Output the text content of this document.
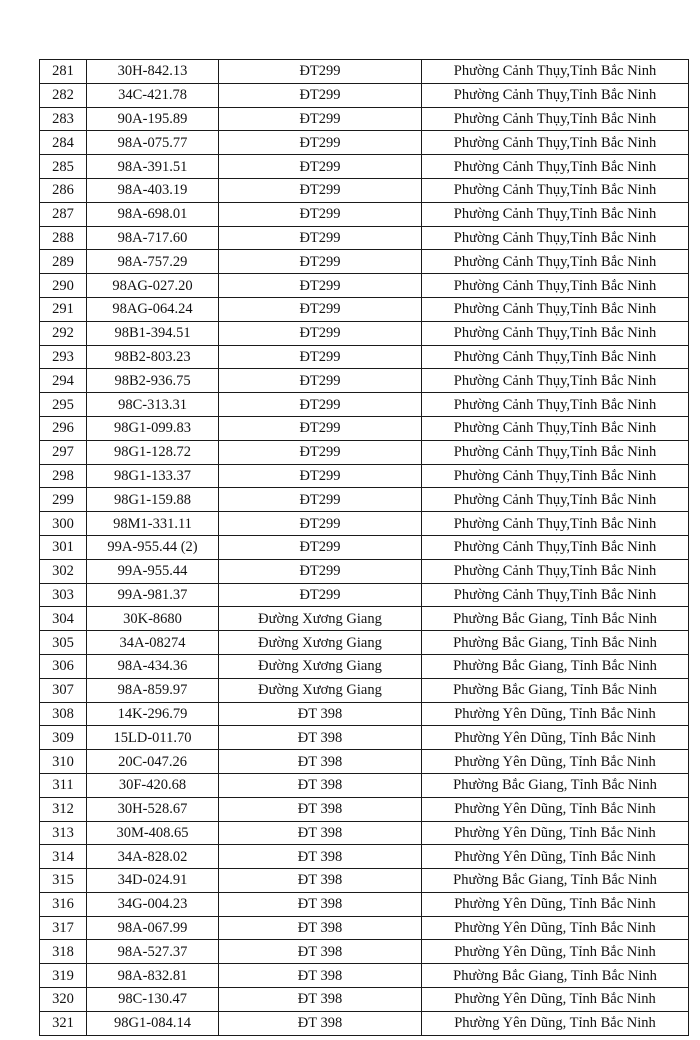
281	30H-842.13	ĐT299	Phường Cảnh Thụy,Tỉnh Bắc Ninh
282	34C-421.78	ĐT299	Phường Cảnh Thụy,Tỉnh Bắc Ninh
283	90A-195.89	ĐT299	Phường Cảnh Thụy,Tỉnh Bắc Ninh
284	98A-075.77	ĐT299	Phường Cảnh Thụy,Tỉnh Bắc Ninh
285	98A-391.51	ĐT299	Phường Cảnh Thụy,Tỉnh Bắc Ninh
286	98A-403.19	ĐT299	Phường Cảnh Thụy,Tỉnh Bắc Ninh
287	98A-698.01	ĐT299	Phường Cảnh Thụy,Tỉnh Bắc Ninh
288	98A-717.60	ĐT299	Phường Cảnh Thụy,Tỉnh Bắc Ninh
289	98A-757.29	ĐT299	Phường Cảnh Thụy,Tỉnh Bắc Ninh
290	98AG-027.20	ĐT299	Phường Cảnh Thụy,Tỉnh Bắc Ninh
291	98AG-064.24	ĐT299	Phường Cảnh Thụy,Tỉnh Bắc Ninh
292	98B1-394.51	ĐT299	Phường Cảnh Thụy,Tỉnh Bắc Ninh
293	98B2-803.23	ĐT299	Phường Cảnh Thụy,Tỉnh Bắc Ninh
294	98B2-936.75	ĐT299	Phường Cảnh Thụy,Tỉnh Bắc Ninh
295	98C-313.31	ĐT299	Phường Cảnh Thụy,Tỉnh Bắc Ninh
296	98G1-099.83	ĐT299	Phường Cảnh Thụy,Tỉnh Bắc Ninh
297	98G1-128.72	ĐT299	Phường Cảnh Thụy,Tỉnh Bắc Ninh
298	98G1-133.37	ĐT299	Phường Cảnh Thụy,Tỉnh Bắc Ninh
299	98G1-159.88	ĐT299	Phường Cảnh Thụy,Tỉnh Bắc Ninh
300	98M1-331.11	ĐT299	Phường Cảnh Thụy,Tỉnh Bắc Ninh
301	99A-955.44 (2)	ĐT299	Phường Cảnh Thụy,Tỉnh Bắc Ninh
302	99A-955.44	ĐT299	Phường Cảnh Thụy,Tỉnh Bắc Ninh
303	99A-981.37	ĐT299	Phường Cảnh Thụy,Tỉnh Bắc Ninh
304	30K-8680	Đường Xương Giang	Phường Bắc Giang, Tỉnh Bắc Ninh
305	34A-08274	Đường Xương Giang	Phường Bắc Giang, Tỉnh Bắc Ninh
306	98A-434.36	Đường Xương Giang	Phường Bắc Giang, Tỉnh Bắc Ninh
307	98A-859.97	Đường Xương Giang	Phường Bắc Giang, Tỉnh Bắc Ninh
308	14K-296.79	ĐT 398	Phường Yên Dũng, Tỉnh Bắc Ninh
309	15LD-011.70	ĐT 398	Phường Yên Dũng, Tỉnh Bắc Ninh
310	20C-047.26	ĐT 398	Phường Yên Dũng, Tỉnh Bắc Ninh
311	30F-420.68	ĐT 398	Phường Bắc Giang, Tỉnh Bắc Ninh
312	30H-528.67	ĐT 398	Phường Yên Dũng, Tỉnh Bắc Ninh
313	30M-408.65	ĐT 398	Phường Yên Dũng, Tỉnh Bắc Ninh
314	34A-828.02	ĐT 398	Phường Yên Dũng, Tỉnh Bắc Ninh
315	34D-024.91	ĐT 398	Phường Bắc Giang, Tỉnh Bắc Ninh
316	34G-004.23	ĐT 398	Phường Yên Dũng, Tỉnh Bắc Ninh
317	98A-067.99	ĐT 398	Phường Yên Dũng, Tỉnh Bắc Ninh
318	98A-527.37	ĐT 398	Phường Yên Dũng, Tỉnh Bắc Ninh
319	98A-832.81	ĐT 398	Phường Bắc Giang, Tỉnh Bắc Ninh
320	98C-130.47	ĐT 398	Phường Yên Dũng, Tỉnh Bắc Ninh
321	98G1-084.14	ĐT 398	Phường Yên Dũng, Tỉnh Bắc Ninh
